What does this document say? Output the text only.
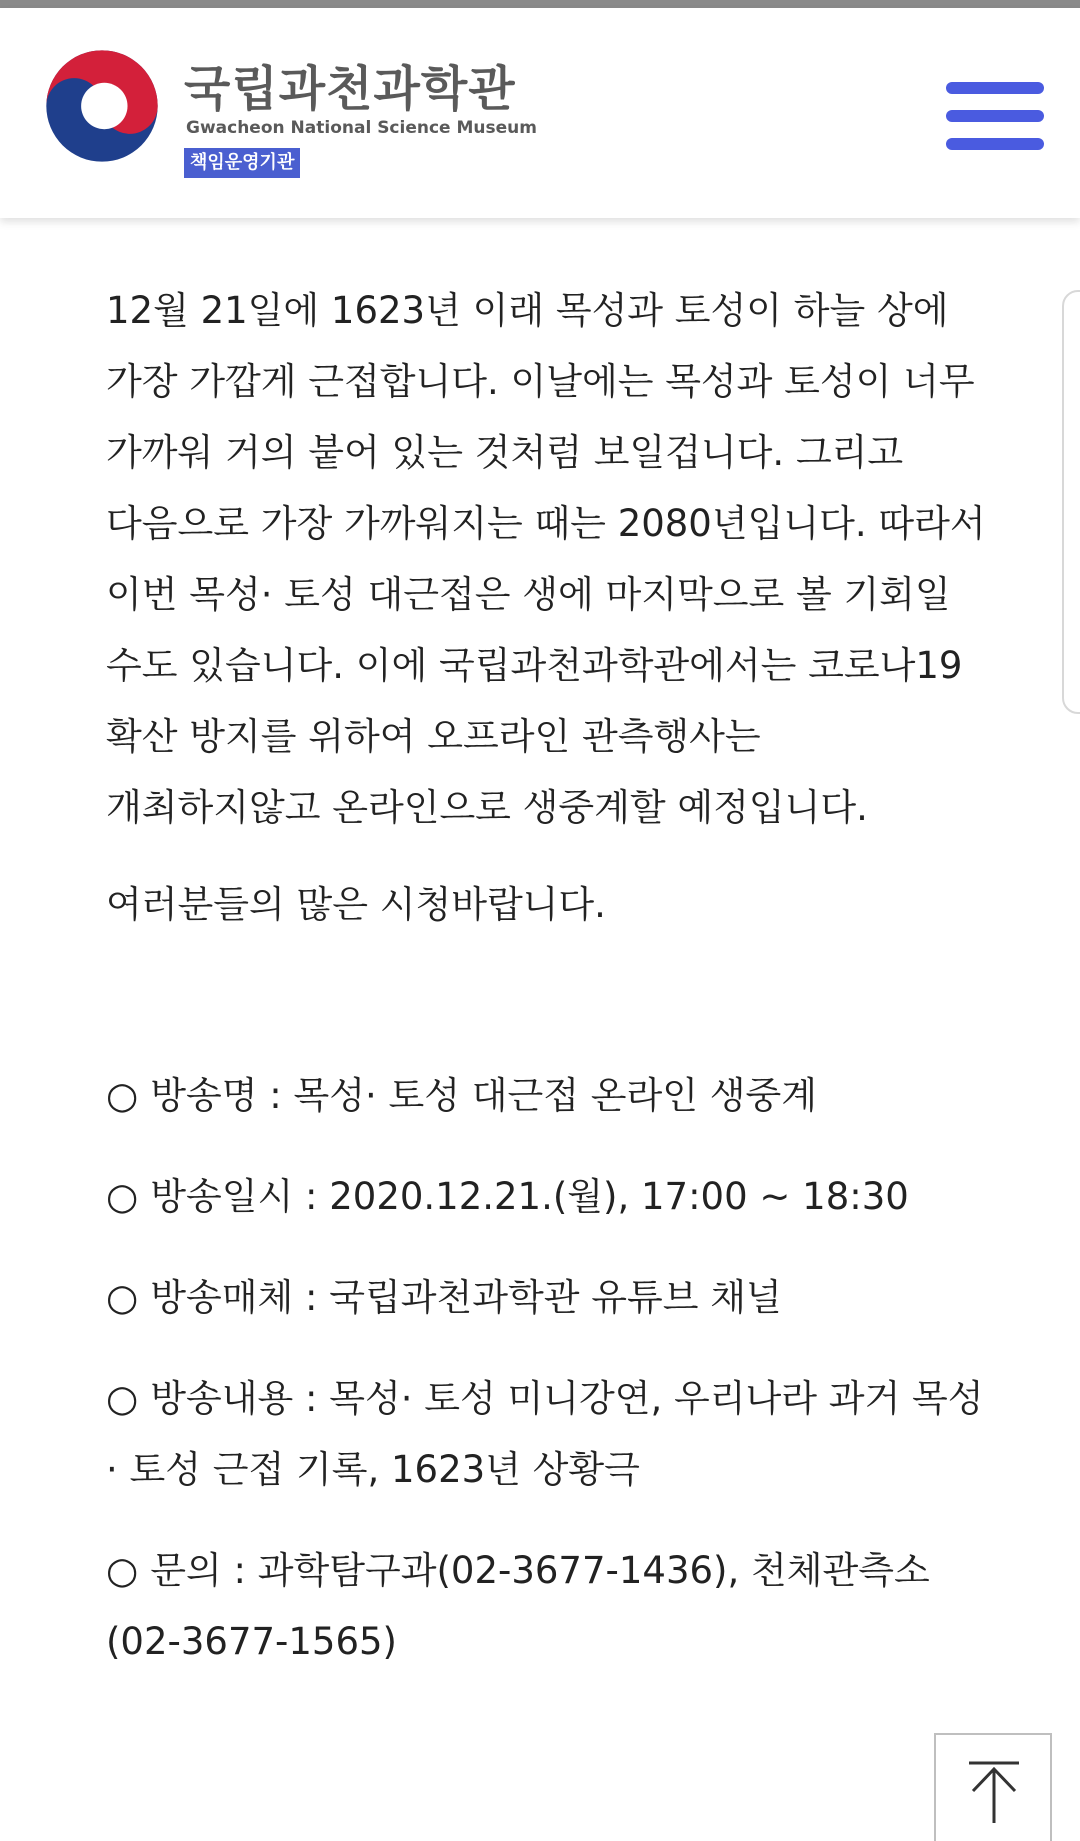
국립과천과학관
Gwacheon National Science Museum
책임운영기관

12월 21일에 1623년 이래 목성과 토성이 하늘 상에 가장 가깝게 근접합니다. 이날에는 목성과 토성이 너무 가까워 거의 붙어 있는 것처럼 보일겁니다. 그리고 다음으로 가장 가까워지는 때는 2080년입니다. 따라서 이번 목성· 토성 대근접은 생에 마지막으로 볼 기회일 수도 있습니다. 이에 국립과천과학관에서는 코로나19 확산 방지를 위하여 오프라인 관측행사는 개최하지않고 온라인으로 생중계할 예정입니다.

여러분들의 많은 시청바랍니다.

○ 방송명 : 목성· 토성 대근접 온라인 생중계
○ 방송일시 : 2020.12.21.(월), 17:00 ~ 18:30
○ 방송매체 : 국립과천과학관 유튜브 채널
○ 방송내용 : 목성· 토성 미니강연, 우리나라 과거 목성· 토성 근접 기록, 1623년 상황극
○ 문의 : 과학탐구과(02-3677-1436), 천체관측소(02-3677-1565)
